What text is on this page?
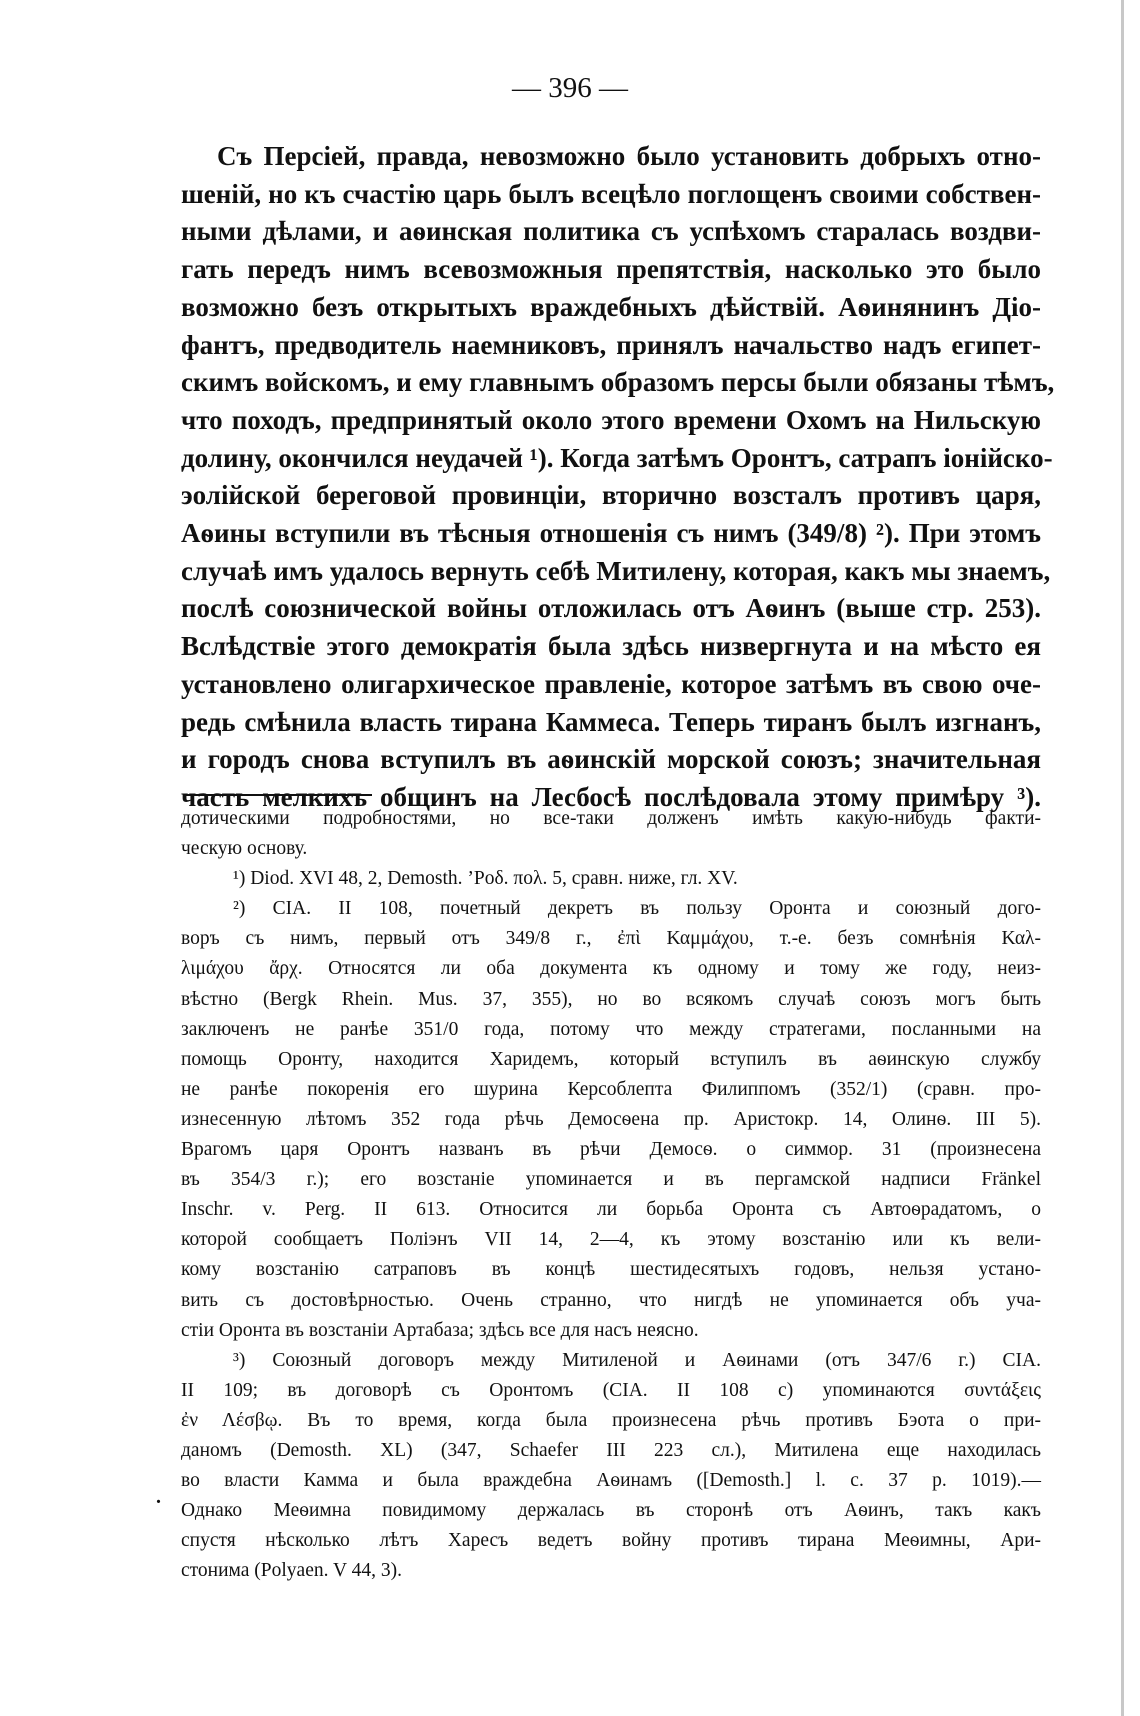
— 396 —
Съ Персіей, правда, невозможно было установить добрыхъ отно-
шеній, но къ счастію царь былъ всецѣло поглощенъ своими собствен-
ными дѣлами, и аѳинская политика съ успѣхомъ старалась воздви-
гать передъ нимъ всевозможныя препятствія, насколько это было
возможно безъ открытыхъ враждебныхъ дѣйствій. Аѳинянинъ Діо-
фантъ, предводитель наемниковъ, принялъ начальство надъ египет-
скимъ войскомъ, и ему главнымъ образомъ персы были обязаны тѣмъ,
что походъ, предпринятый около этого времени Охомъ на Нильскую
долину, окончился неудачей ¹). Когда затѣмъ Оронтъ, сатрапъ іонійско-
эолійской береговой провинціи, вторично возсталъ противъ царя,
Аѳины вступили въ тѣсныя отношенія съ нимъ (349/8) ²). При этомъ
случаѣ имъ удалось вернуть себѣ Митилену, которая, какъ мы знаемъ,
послѣ союзнической войны отложилась отъ Аѳинъ (выше стр. 253).
Вслѣдствіе этого демократія была здѣсь низвергнута и на мѣсто ея
установлено олигархическое правленіе, которое затѣмъ въ свою оче-
редь смѣнила власть тирана Каммеса. Теперь тиранъ былъ изгнанъ,
и городъ снова вступилъ въ аѳинскій морской союзъ; значительная
часть мелкихъ общинъ на Лесбосѣ послѣдовала этому примѣру ³).
дотическими подробностями, но все-таки долженъ имѣть какую-нибудь факти-
ческую основу.
¹) Diod. XVI 48, 2, Demosth. ’Ροδ. πολ. 5, сравн. ниже, гл. XV.
²) CIA. II 108, почетный декретъ въ пользу Оронта и союзный дого-
воръ съ нимъ, первый отъ 349/8 г., ἐπὶ Καμμάχου, т.-е. безъ сомнѣнія Καλ-
λιμάχου ἄρχ. Относятся ли оба документа къ одному и тому же году, неиз-
вѣстно (Bergk Rhein. Mus. 37, 355), но во всякомъ случаѣ союзъ могъ быть
заключенъ не ранѣе 351/0 года, потому что между стратегами, посланными на
помощь Оронту, находится Харидемъ, который вступилъ въ аѳинскую службу
не ранѣе покоренія его шурина Керсоблепта Филиппомъ (352/1) (сравн. про-
изнесенную лѣтомъ 352 года рѣчь Демосѳена пр. Аристокр. 14, Олинѳ. III 5).
Врагомъ царя Оронтъ названъ въ рѣчи Демосѳ. о симмор. 31 (произнесена
въ 354/3 г.); его возстаніе упоминается и въ пергамской надписи Fränkel
Inschr. v. Perg. II 613. Относится ли борьба Оронта съ Автоѳрадатомъ, о
которой сообщаетъ Поліэнъ VII 14, 2—4, къ этому возстанію или къ вели-
кому возстанію сатраповъ въ концѣ шестидесятыхъ годовъ, нельзя устано-
вить съ достовѣрностью. Очень странно, что нигдѣ не упоминается объ уча-
стіи Оронта въ возстаніи Артабаза; здѣсь все для насъ неясно.
³) Союзный договоръ между Митиленой и Аѳинами (отъ 347/6 г.) CIA.
II 109; въ договорѣ съ Оронтомъ (CIA. II 108 c) упоминаются συντάξεις
ἐν Λέσβῳ. Въ то время, когда была произнесена рѣчь противъ Бэота о при-
даномъ (Demosth. XL) (347, Schaefer III 223 сл.), Митилена еще находилась
во власти Камма и была враждебна Аѳинамъ ([Demosth.] l. c. 37 p. 1019).—
Однако Меѳимна повидимому держалась въ сторонѣ отъ Аѳинъ, такъ какъ
спустя нѣсколько лѣтъ Харесъ ведетъ войну противъ тирана Меѳимны, Ари-
стонима (Polyaen. V 44, 3).
.
